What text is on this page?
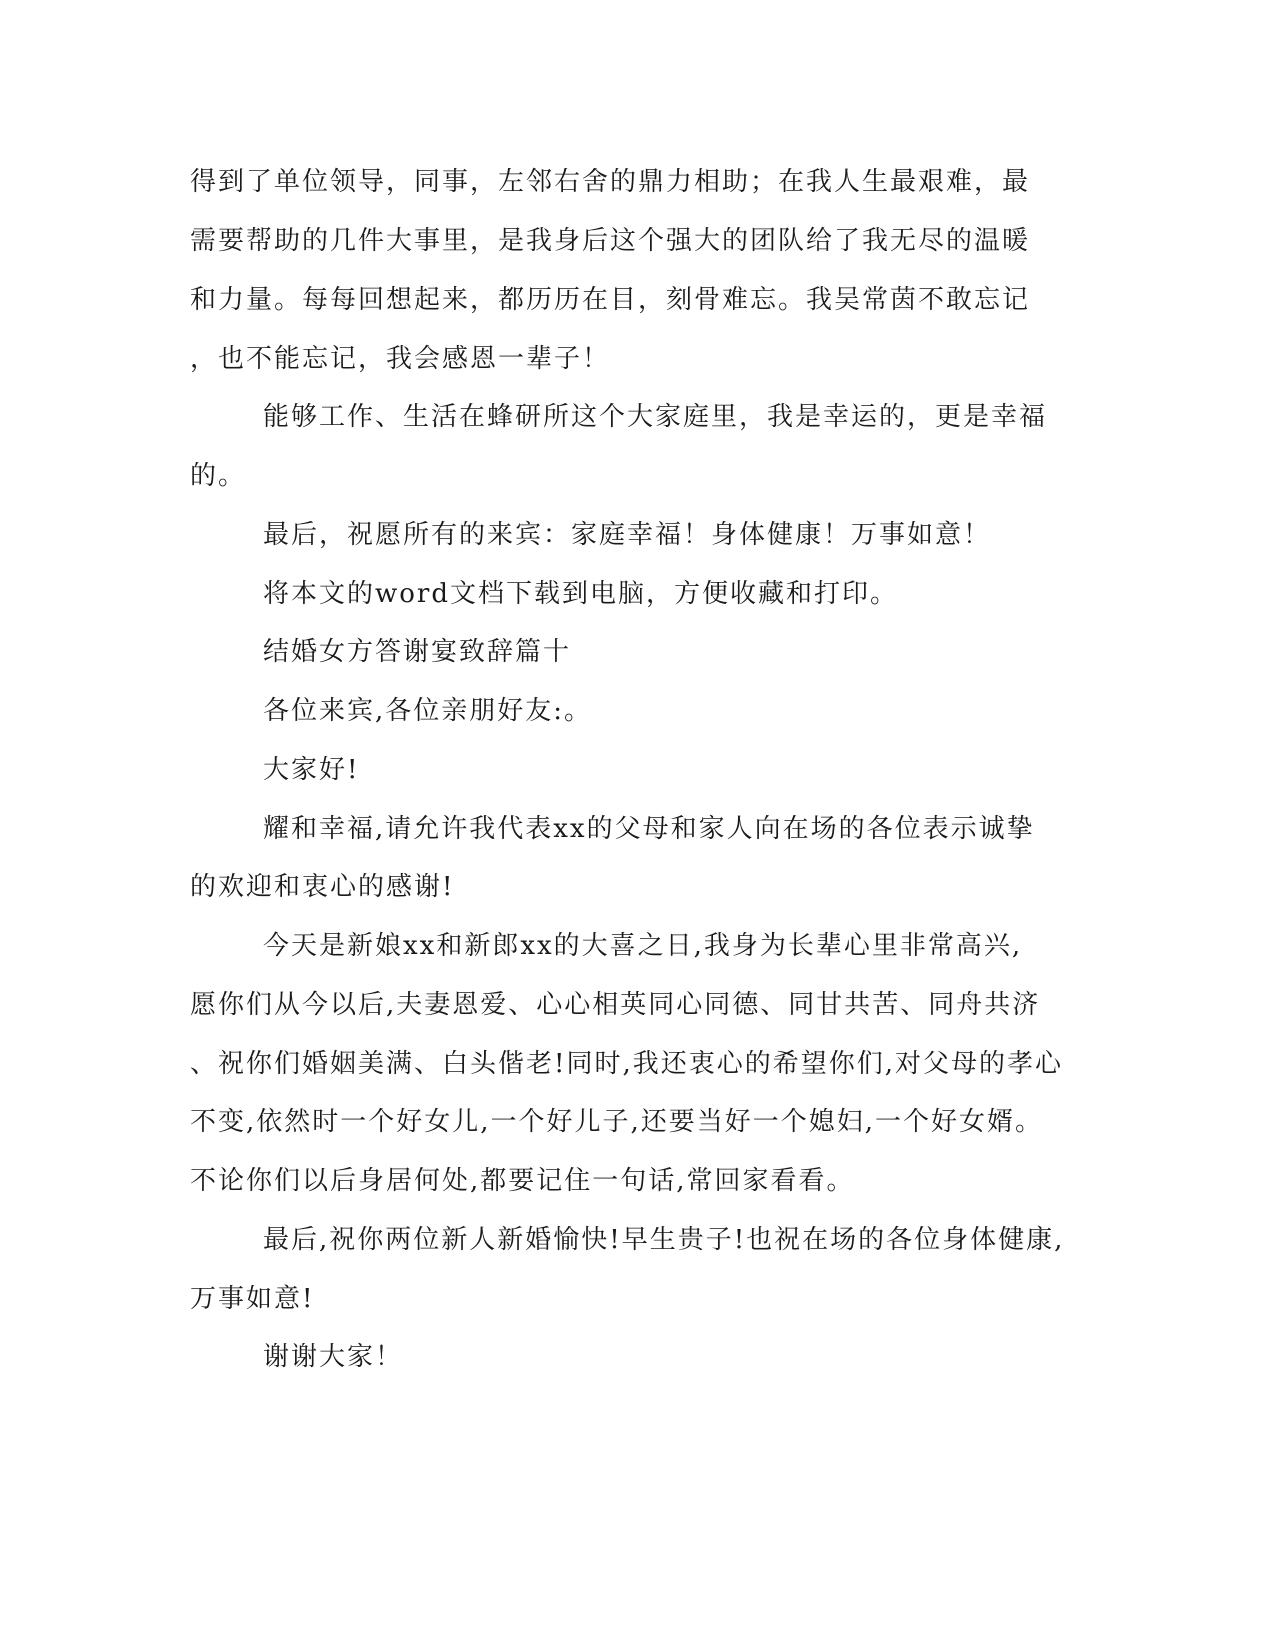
得到了单位领导，同事，左邻右舍的鼎力相助；在我人生最艰难，最
需要帮助的几件大事里，是我身后这个强大的团队给了我无尽的温暖
和力量。每每回想起来，都历历在目，刻骨难忘。我吴常茵不敢忘记
，也不能忘记，我会感恩一辈子！
能够工作、生活在蜂研所这个大家庭里，我是幸运的，更是幸福
的。
最后，祝愿所有的来宾：家庭幸福！身体健康！万事如意！
将本文的word文档下载到电脑，方便收藏和打印。
结婚女方答谢宴致辞篇十
各位来宾,各位亲朋好友:。
大家好!
耀和幸福,请允许我代表xx的父母和家人向在场的各位表示诚挚
的欢迎和衷心的感谢!
今天是新娘xx和新郎xx的大喜之日,我身为长辈心里非常高兴,
愿你们从今以后,夫妻恩爱、心心相英同心同德、同甘共苦、同舟共济
、祝你们婚姻美满、白头偕老!同时,我还衷心的希望你们,对父母的孝心
不变,依然时一个好女儿,一个好儿子,还要当好一个媳妇,一个好女婿。
不论你们以后身居何处,都要记住一句话,常回家看看。
最后,祝你两位新人新婚愉快!早生贵子!也祝在场的各位身体健康,
万事如意!
谢谢大家！
